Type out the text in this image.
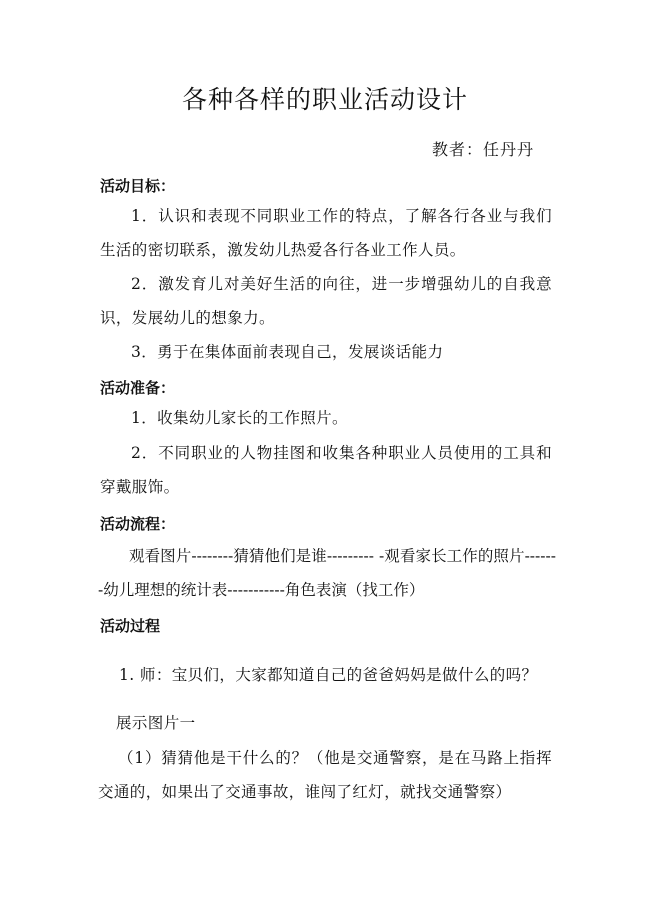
各种各样的职业活动设计
教者：任丹丹
活动目标：
1．认识和表现不同职业工作的特点，了解各行各业与我们生活的密切联系，激发幼儿热爱各行各业工作人员。
2．激发育儿对美好生活的向往，进一步增强幼儿的自我意识，发展幼儿的想象力。
3．勇于在集体面前表现自己，发展谈话能力
活动准备：
1．收集幼儿家长的工作照片。
2．不同职业的人物挂图和收集各种职业人员使用的工具和穿戴服饰。
活动流程：
观看图片--------猜猜他们是谁--------- -观看家长工作的照片-------幼儿理想的统计表-----------角色表演（找工作）
活动过程
1. 师：宝贝们，大家都知道自己的爸爸妈妈是做什么的吗？
展示图片一
（1）猜猜他是干什么的？（他是交通警察，是在马路上指挥交通的，如果出了交通事故，谁闯了红灯，就找交通警察）
